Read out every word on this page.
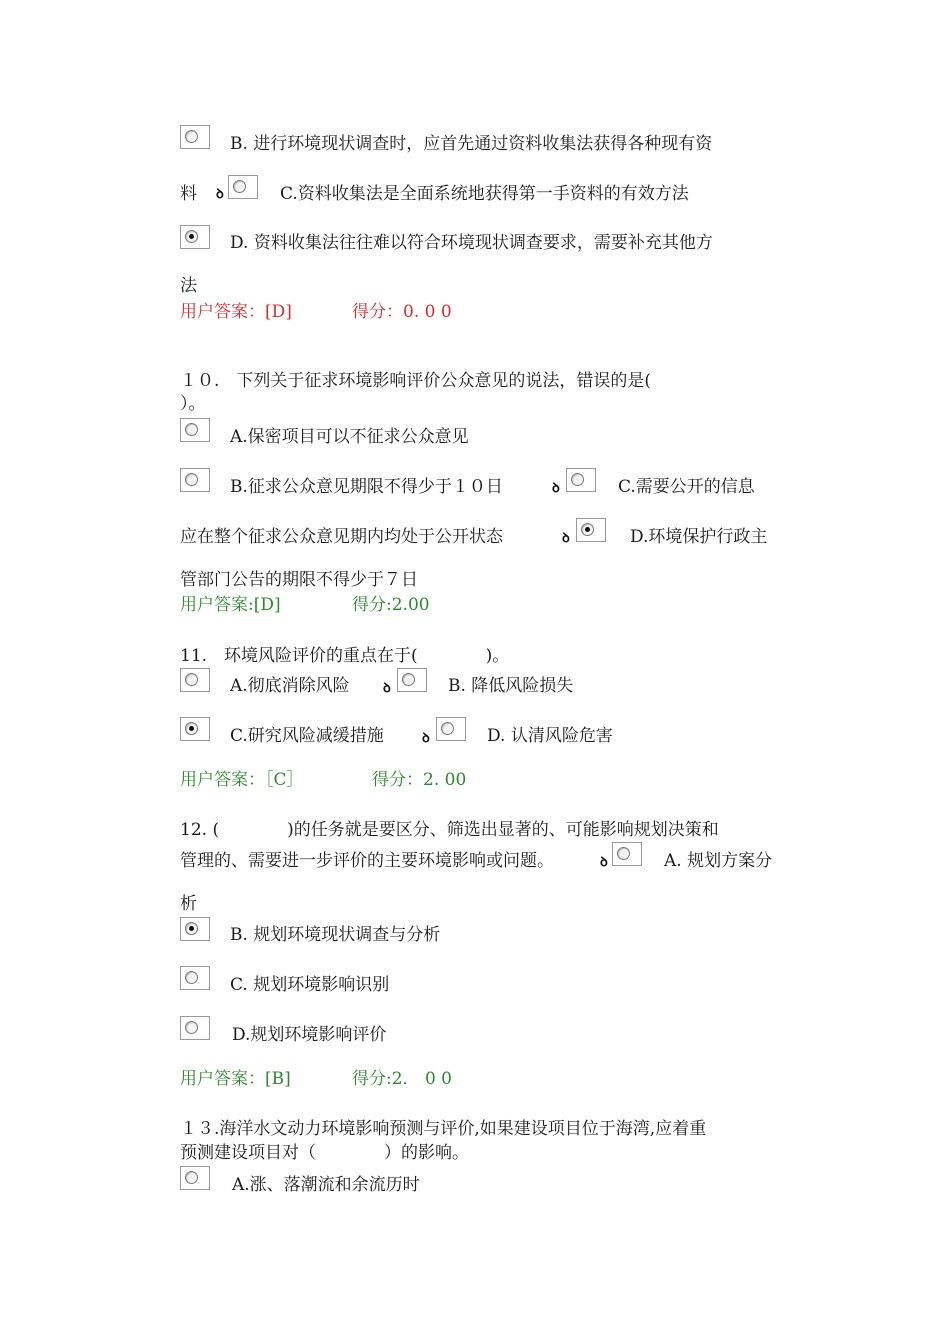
B. 进行环境现状调查时，应首先通过资料收集法获得各种现有资
料 ꝺ	C.资料收集法是全面系统地获得第一手资料的有效方法
D. 资料收集法往往难以符合环境现状调查要求，需要补充其他方
法
用户答案：[D]	得分：0. 0 0
１０.　下列关于征求环境影响评价公众意见的说法，错误的是(
）。
A.保密项目可以不征求公众意见
B.征求公众意见期限不得少于１０日	ꝺ	C.需要公开的信息
应在整个征求公众意见期内均处于公开状态	ꝺ	D.环境保护行政主
管部门公告的期限不得少于７日
用户答案:[D]	得分:2.00
11.　环境风险评价的重点在于(　　　　)。
A.彻底消除风险	ꝺ	B. 降低风险损失
C.研究风险减缓措施	ꝺ	D. 认清风险危害
用户答案：［C］	得分：2. 00
12. (　　　　)的任务就是要区分、筛选出显著的、可能影响规划决策和
管理的、需要进一步评价的主要环境影响或问题。	ꝺ	A. 规划方案分
析
B. 规划环境现状调查与分析
C. 规划环境影响识别
D.规划环境影响评价
用户答案：[B]	得分:2． 0 0
１３.海洋水文动力环境影响预测与评价,如果建设项目位于海湾,应着重
预测建设项目对（　　　　）的影响。
A.涨、落潮流和余流历时
